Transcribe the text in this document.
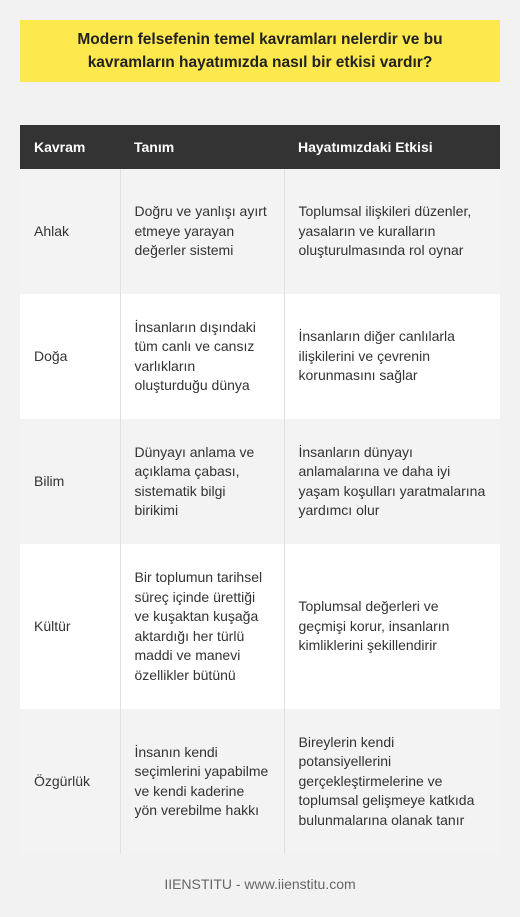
Modern felsefenin temel kavramları nelerdir ve bu kavramların hayatımızda nasıl bir etkisi vardır?
Kavram	Tanım	Hayatımızdaki Etkisi
Ahlak	Doğru ve yanlışı ayırt etmeye yarayan değerler sistemi	Toplumsal ilişkileri düzenler, yasaların ve kuralların oluşturulmasında rol oynar
Doğa	İnsanların dışındaki tüm canlı ve cansız varlıkların oluşturduğu dünya	İnsanların diğer canlılarla ilişkilerini ve çevrenin korunmasını sağlar
Bilim	Dünyayı anlama ve açıklama çabası, sistematik bilgi birikimi	İnsanların dünyayı anlamalarına ve daha iyi yaşam koşulları yaratmalarına yardımcı olur
Kültür	Bir toplumun tarihsel süreç içinde ürettiği ve kuşaktan kuşağa aktardığı her türlü maddi ve manevi özellikler bütünü	Toplumsal değerleri ve geçmişi korur, insanların kimliklerini şekillendirir
Özgürlük	İnsanın kendi seçimlerini yapabilme ve kendi kaderine yön verebilme hakkı	Bireylerin kendi potansiyellerini gerçekleştirmelerine ve toplumsal gelişmeye katkıda bulunmalarına olanak tanır
IIENSTITU - www.iienstitu.com
